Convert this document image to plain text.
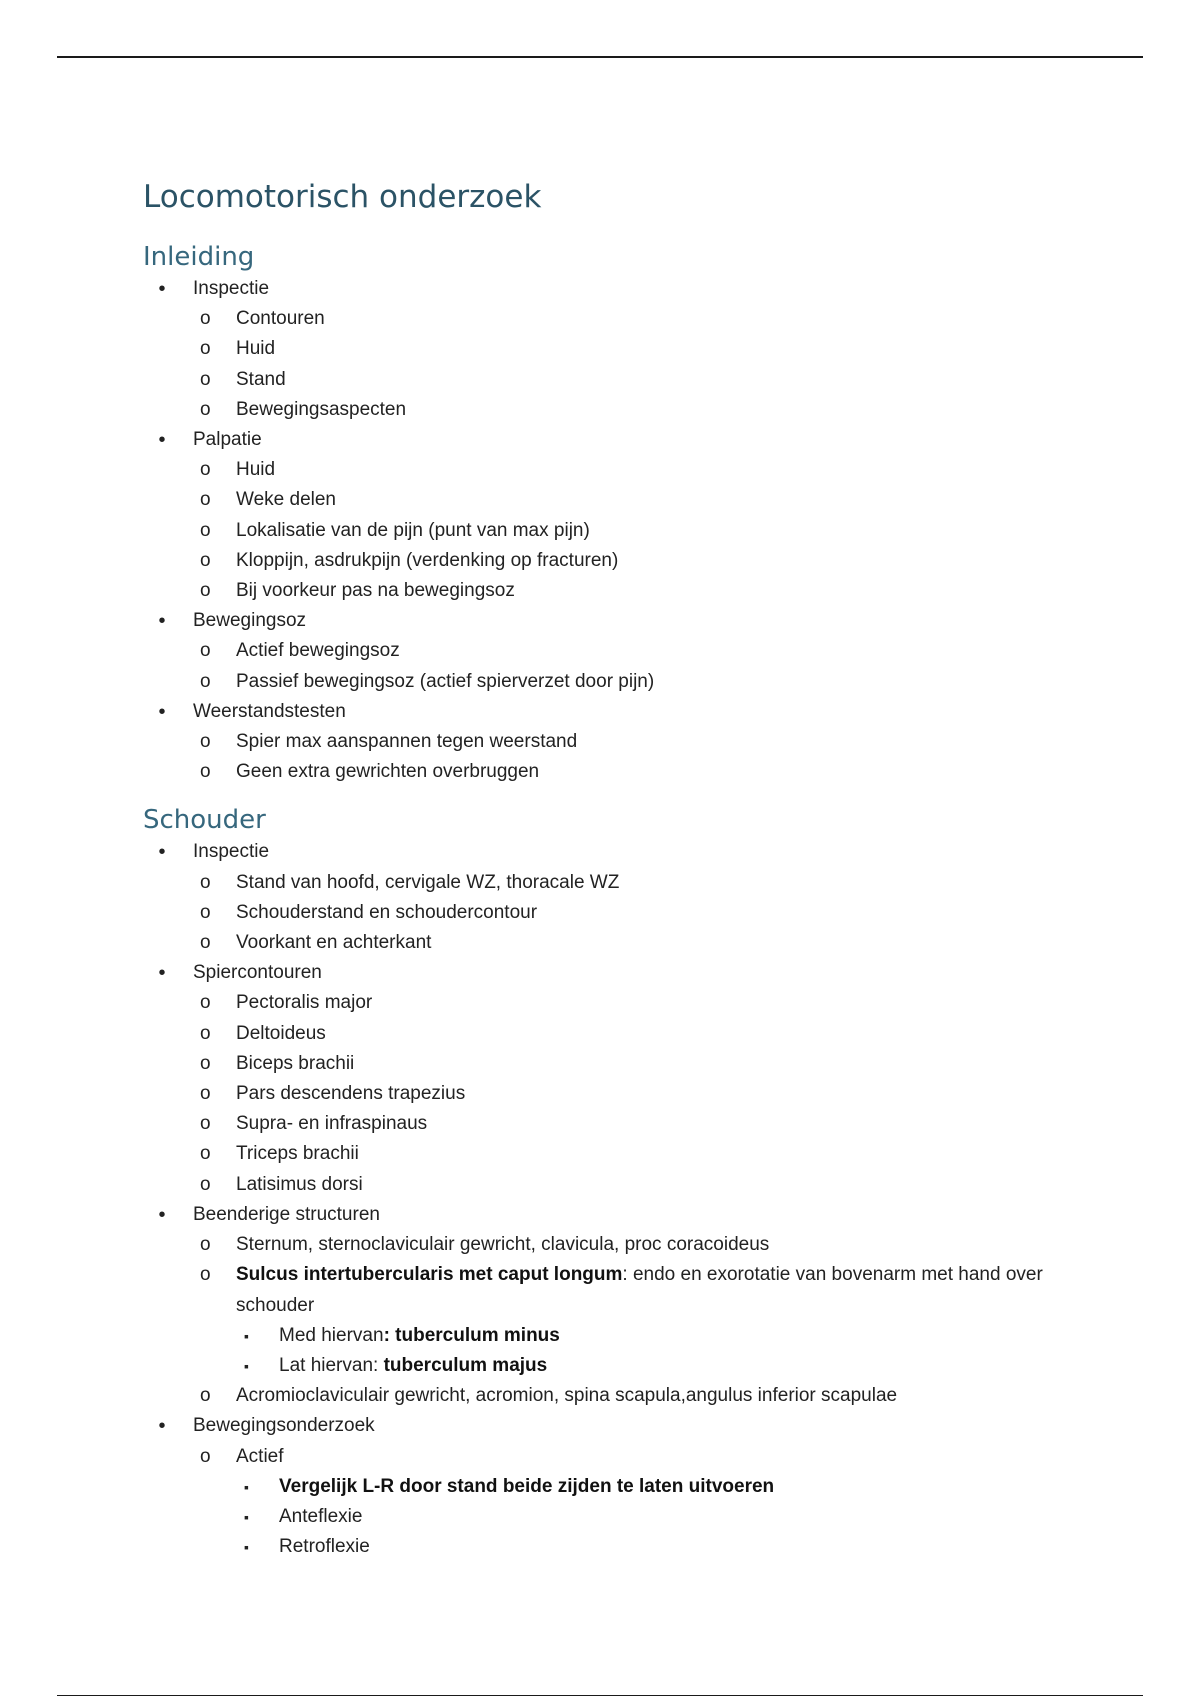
Locomotorisch onderzoek
Inleiding
• Inspectie
o Contouren
o Huid
o Stand
o Bewegingsaspecten
• Palpatie
o Huid
o Weke delen
o Lokalisatie van de pijn (punt van max pijn)
o Kloppijn, asdrukpijn (verdenking op fracturen)
o Bij voorkeur pas na bewegingsoz
• Bewegingsoz
o Actief bewegingsoz
o Passief bewegingsoz (actief spierverzet door pijn)
• Weerstandstesten
o Spier max aanspannen tegen weerstand
o Geen extra gewrichten overbruggen
Schouder
• Inspectie
o Stand van hoofd, cervigale WZ, thoracale WZ
o Schouderstand en schoudercontour
o Voorkant en achterkant
• Spiercontouren
o Pectoralis major
o Deltoideus
o Biceps brachii
o Pars descendens trapezius
o Supra- en infraspinaus
o Triceps brachii
o Latisimus dorsi
• Beenderige structuren
o Sternum, sternoclaviculair gewricht, clavicula, proc coracoideus
o Sulcus intertubercularis met caput longum: endo en exorotatie van bovenarm met hand over schouder
▪ Med hiervan: tuberculum minus
▪ Lat hiervan: tuberculum majus
o Acromioclaviculair gewricht, acromion, spina scapula,angulus inferior scapulae
• Bewegingsonderzoek
o Actief
▪ Vergelijk L-R door stand beide zijden te laten uitvoeren
▪ Anteflexie
▪ Retroflexie
